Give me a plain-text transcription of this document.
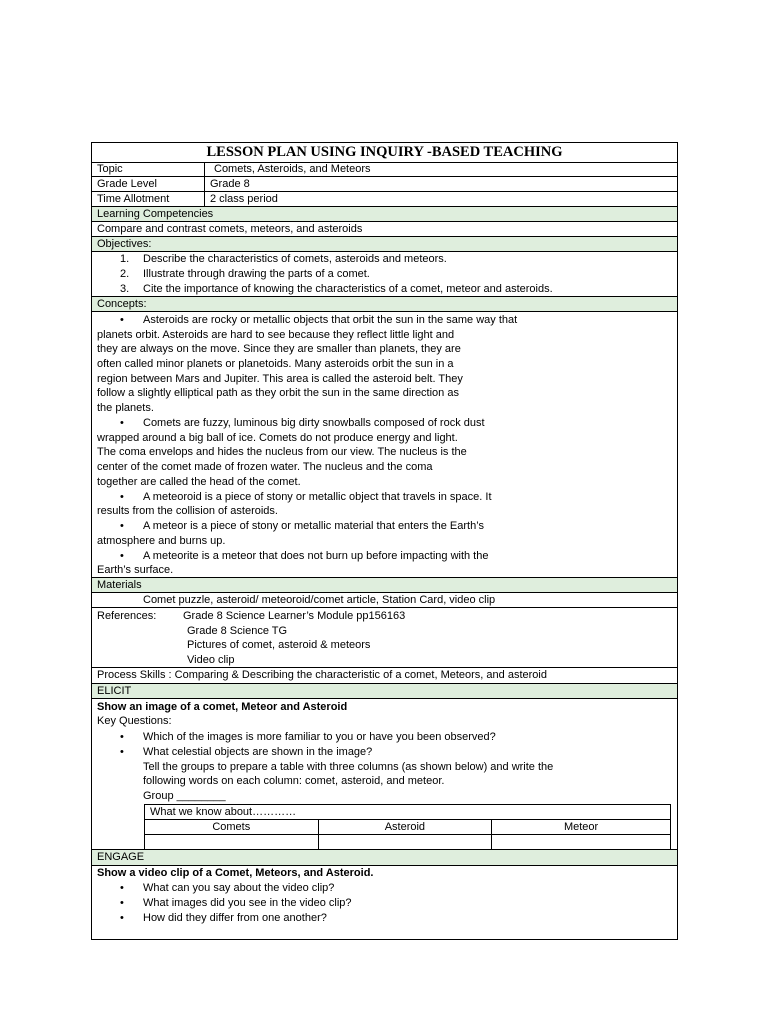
LESSON PLAN USING INQUIRY -BASED TEACHING
Topic	Comets, Asteroids, and Meteors
Grade Level	Grade 8
Time Allotment	2 class period
Learning Competencies
Compare and contrast comets, meteors, and asteroids
Objectives:
1. Describe the characteristics of comets, asteroids and meteors.
2. Illustrate through drawing the parts of a comet.
3. Cite the importance of knowing the characteristics of a comet, meteor and asteroids.
Concepts:
• Asteroids are rocky or metallic objects that orbit the sun in the same way that
planets orbit. Asteroids are hard to see because they reflect little light and
they are always on the move. Since they are smaller than planets, they are
often called minor planets or planetoids. Many asteroids orbit the sun in a
region between Mars and Jupiter. This area is called the asteroid belt. They
follow a slightly elliptical path as they orbit the sun in the same direction as
the planets.
• Comets are fuzzy, luminous big dirty snowballs composed of rock dust
wrapped around a big ball of ice. Comets do not produce energy and light.
The coma envelops and hides the nucleus from our view. The nucleus is the
center of the comet made of frozen water. The nucleus and the coma
together are called the head of the comet.
• A meteoroid is a piece of stony or metallic object that travels in space. It
results from the collision of asteroids.
• A meteor is a piece of stony or metallic material that enters the Earth’s
atmosphere and burns up.
• A meteorite is a meteor that does not burn up before impacting with the
Earth’s surface.
Materials
Comet puzzle, asteroid/ meteoroid/comet article, Station Card, video clip
References: Grade 8 Science Learner’s Module pp156163
Grade 8 Science TG
Pictures of comet, asteroid & meteors
Video clip
Process Skills : Comparing & Describing the characteristic of a comet, Meteors, and asteroid
ELICIT
Show an image of a comet, Meteor and Asteroid
Key Questions:
• Which of the images is more familiar to you or have you been observed?
• What celestial objects are shown in the image?
Tell the groups to prepare a table with three columns (as shown below) and write the
following words on each column: comet, asteroid, and meteor.
Group ________
What we know about…………		
Comets	Asteroid	Meteor

ENGAGE
Show a video clip of a Comet, Meteors, and Asteroid.
• What can you say about the video clip?
• What images did you see in the video clip?
• How did they differ from one another?
